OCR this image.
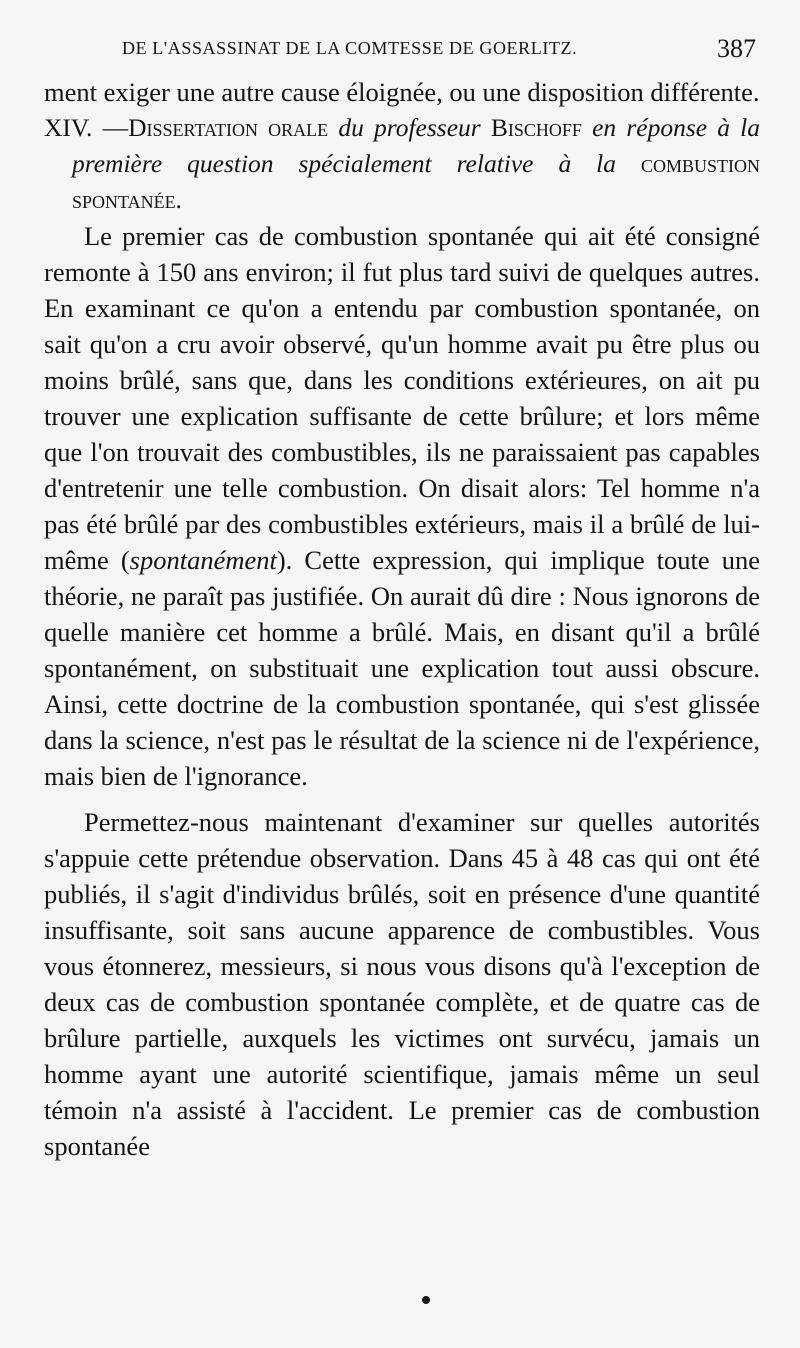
DE L'ASSASSINAT DE LA COMTESSE DE GOERLITZ.	387

ment exiger une autre cause éloignée, ou une disposition différente.

XIV. —Dissertation orale du professeur Bischoff en réponse à la première question spécialement relative à la combustion spontanée.

Le premier cas de combustion spontanée qui ait été consigné remonte à 150 ans environ; il fut plus tard suivi de quelques autres. En examinant ce qu'on a entendu par combustion spontanée, on sait qu'on a cru avoir observé, qu'un homme avait pu être plus ou moins brûlé, sans que, dans les conditions extérieures, on ait pu trouver une explication suffisante de cette brûlure; et lors même que l'on trouvait des combustibles, ils ne paraissaient pas capables d'entretenir une telle combustion. On disait alors: Tel homme n'a pas été brûlé par des combustibles extérieurs, mais il a brûlé de lui-même (spontanément). Cette expression, qui implique toute une théorie, ne paraît pas justifiée. On aurait dû dire : Nous ignorons de quelle manière cet homme a brûlé. Mais, en disant qu'il a brûlé spontanément, on substituait une explication tout aussi obscure. Ainsi, cette doctrine de la combustion spontanée, qui s'est glissée dans la science, n'est pas le résultat de la science ni de l'expérience, mais bien de l'ignorance.

Permettez-nous maintenant d'examiner sur quelles autorités s'appuie cette prétendue observation. Dans 45 à 48 cas qui ont été publiés, il s'agit d'individus brûlés, soit en présence d'une quantité insuffisante, soit sans aucune apparence de combustibles. Vous vous étonnerez, messieurs, si nous vous disons qu'à l'exception de deux cas de combustion spontanée complète, et de quatre cas de brûlure partielle, auxquels les victimes ont survécu, jamais un homme ayant une autorité scientifique, jamais même un seul témoin n'a assisté à l'accident. Le premier cas de combustion spontanée
